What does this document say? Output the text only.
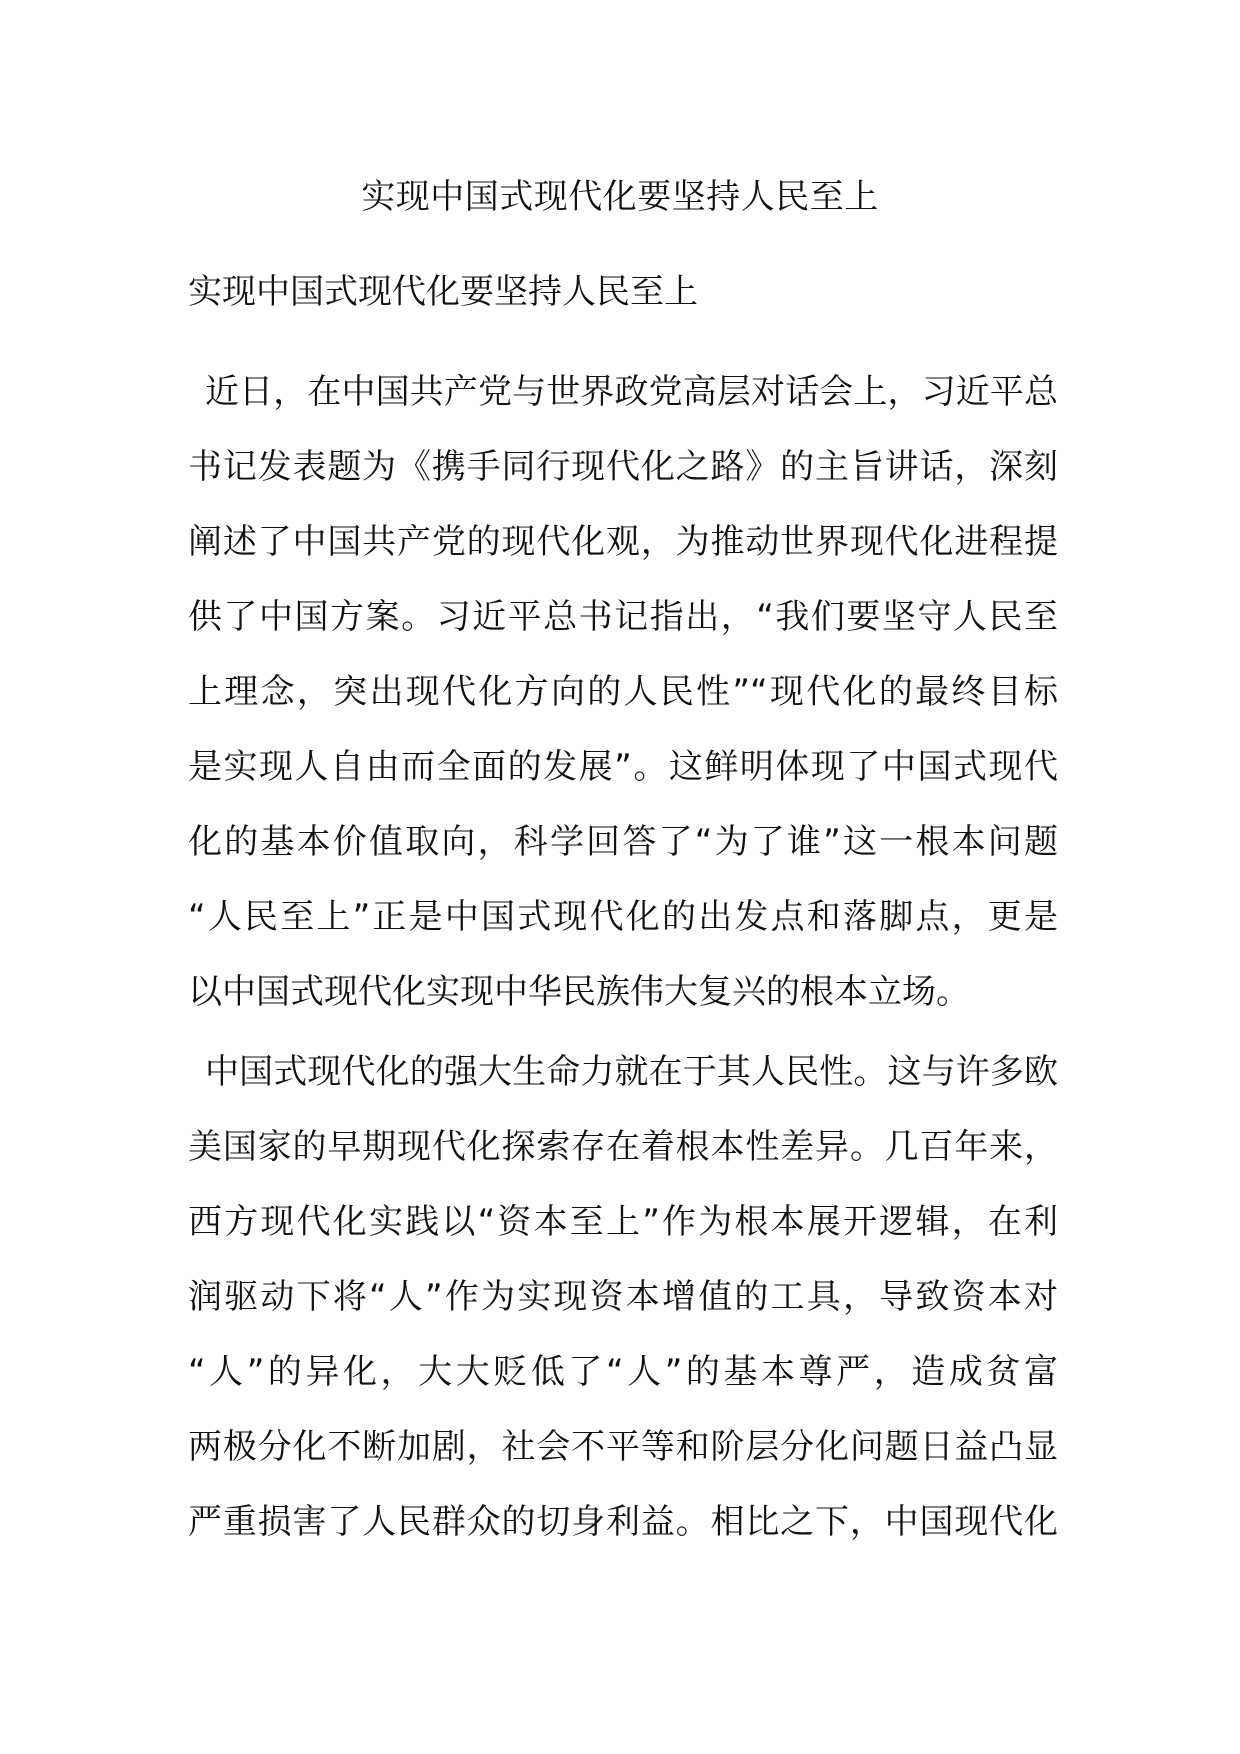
实现中国式现代化要坚持人民至上
实现中国式现代化要坚持人民至上
近日，在中国共产党与世界政党高层对话会上，习近平总
书记发表题为《携手同行现代化之路》的主旨讲话，深刻
阐述了中国共产党的现代化观，为推动世界现代化进程提
供了中国方案。习近平总书记指出，“我们要坚守人民至
上理念，突出现代化方向的人民性”“现代化的最终目标
是实现人自由而全面的发展”。这鲜明体现了中国式现代
化的基本价值取向，科学回答了“为了谁”这一根本问题
“人民至上”正是中国式现代化的出发点和落脚点，更是
以中国式现代化实现中华民族伟大复兴的根本立场。
中国式现代化的强大生命力就在于其人民性。这与许多欧
美国家的早期现代化探索存在着根本性差异。几百年来，
西方现代化实践以“资本至上”作为根本展开逻辑，在利
润驱动下将“人”作为实现资本增值的工具，导致资本对
“人”的异化，大大贬低了“人”的基本尊严，造成贫富
两极分化不断加剧，社会不平等和阶层分化问题日益凸显
严重损害了人民群众的切身利益。相比之下，中国现代化
